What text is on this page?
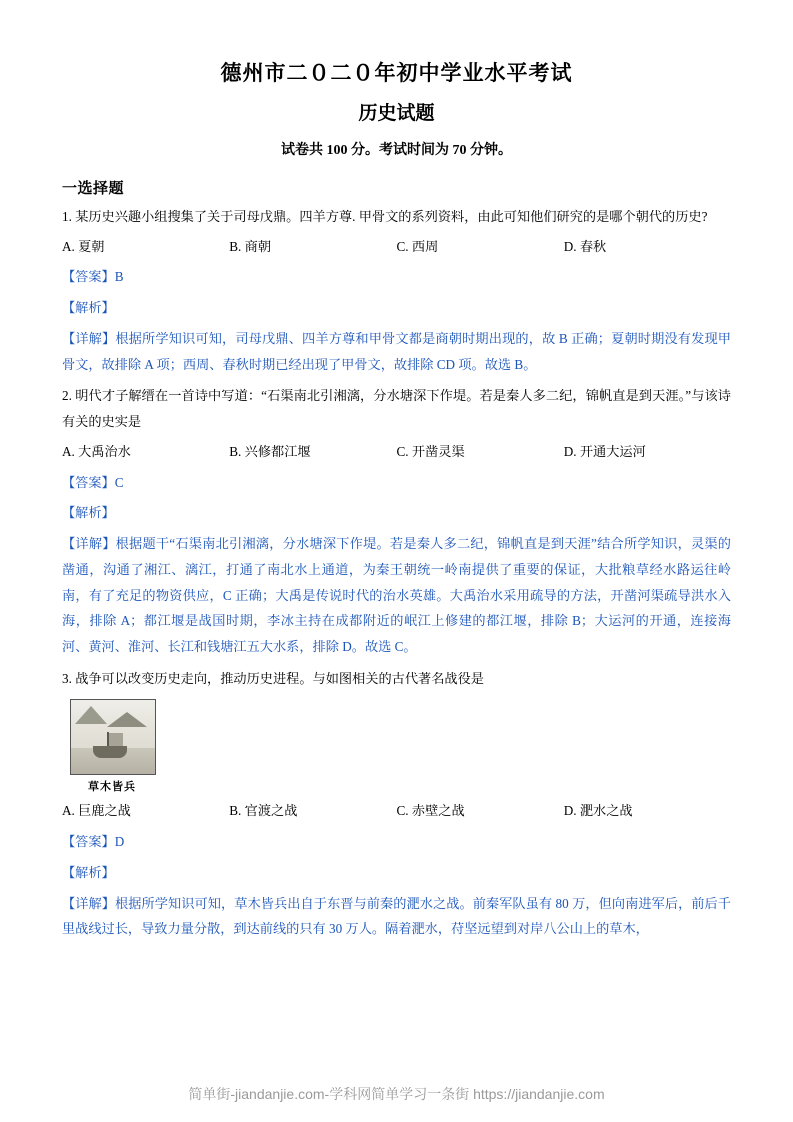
德州市二０二０年初中学业水平考试
历史试题
试卷共 100 分。考试时间为 70 分钟。
一选择题
1. 某历史兴趣小组搜集了关于司母戊鼎。四羊方尊. 甲骨文的系列资料，由此可知他们研究的是哪个朝代的历史?
A. 夏朝	B. 商朝	C. 西周	D. 春秋
【答案】B
【解析】
【详解】根据所学知识可知，司母戊鼎、四羊方尊和甲骨文都是商朝时期出现的，故 B 正确；夏朝时期没有发现甲骨文，故排除 A 项；西周、春秋时期已经出现了甲骨文，故排除 CD 项。故选 B。
2. 明代才子解缙在一首诗中写道：“石渠南北引湘漓，分水塘深下作堤。若是秦人多二纪，锦帆直是到天涯。”与该诗有关的史实是
A. 大禹治水	B. 兴修都江堰	C. 开凿灵渠	D. 开通大运河
【答案】C
【解析】
【详解】根据题干“石渠南北引湘漓，分水塘深下作堤。若是秦人多二纪，锦帆直是到天涯”结合所学知识，灵渠的凿通，沟通了湘江、漓江，打通了南北水上通道，为秦王朝统一岭南提供了重要的保证，大批粮草经水路运往岭南，有了充足的物资供应，C 正确；大禹是传说时代的治水英雄。大禹治水采用疏导的方法，开凿河渠疏导洪水入海，排除 A；都江堰是战国时期，李冰主持在成都附近的岷江上修建的都江堰，排除 B；大运河的开通，连接海河、黄河、淮河、长江和钱塘江五大水系，排除 D。故选 C。
3. 战争可以改变历史走向，推动历史进程。与如图相关的古代著名战役是
草木皆兵
A. 巨鹿之战	B. 官渡之战	C. 赤壁之战	D. 淝水之战
【答案】D
【解析】
【详解】根据所学知识可知，草木皆兵出自于东晋与前秦的淝水之战。前秦军队虽有 80 万，但向南进军后，前后千里战线过长，导致力量分散，到达前线的只有 30 万人。隔着淝水，苻坚远望到对岸八公山上的草木，
简单街-jiandanjie.com-学科网简单学习一条街 https://jiandanjie.com
